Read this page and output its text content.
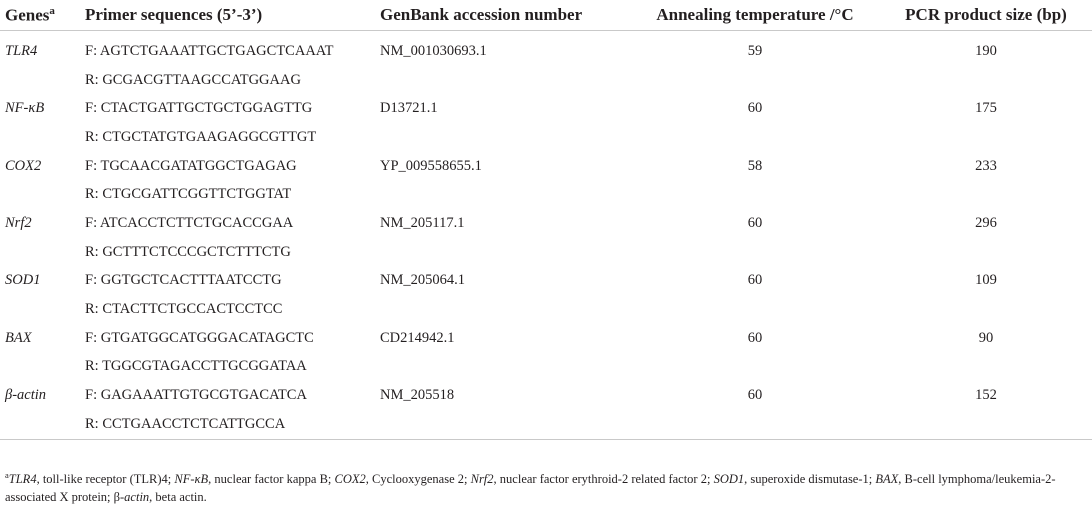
Genes$^a$	Primer sequences (5’-3’)	GenBank accession number	Annealing temperature /°C	PCR product size (bp)
TLR4	F: AGTCTGAAATTGCTGAGCTCAAAT	NM_001030693.1	59	190
	R: GCGACGTTAAGCCATGGAAG			
NF-κB	F: CTACTGATTGCTGCTGGAGTTG	D13721.1	60	175
	R: CTGCTATGTGAAGAGGCGTTGT			
COX2	F: TGCAACGATATGGCTGAGAG	YP_009558655.1	58	233
	R: CTGCGATTCGGTTCTGGTAT			
Nrf2	F: ATCACCTCTTCTGCACCGAA	NM_205117.1	60	296
	R: GCTTTCTCCCGCTCTTTCTG			
SOD1	F: GGTGCTCACTTTAATCCTG	NM_205064.1	60	109
	R: CTACTTCTGCCACTCCTCC			
BAX	F: GTGATGGCATGGGACATAGCTC	CD214942.1	60	90
	R: TGGCGTAGACCTTGCGGATAA			
β-actin	F: GAGAAATTGTGCGTGACATCA	NM_205518	60	152
	R: CCTGAACCTCTCATTGCCA			
$^a$TLR4, toll-like receptor (TLR)4; NF-κB, nuclear factor kappa B; COX2, Cyclooxygenase 2; Nrf2, nuclear factor erythroid-2 related factor 2; SOD1, superoxide dismutase-1; BAX, B-cell lymphoma/leukemia-2-associated X protein; β-actin, beta actin.
